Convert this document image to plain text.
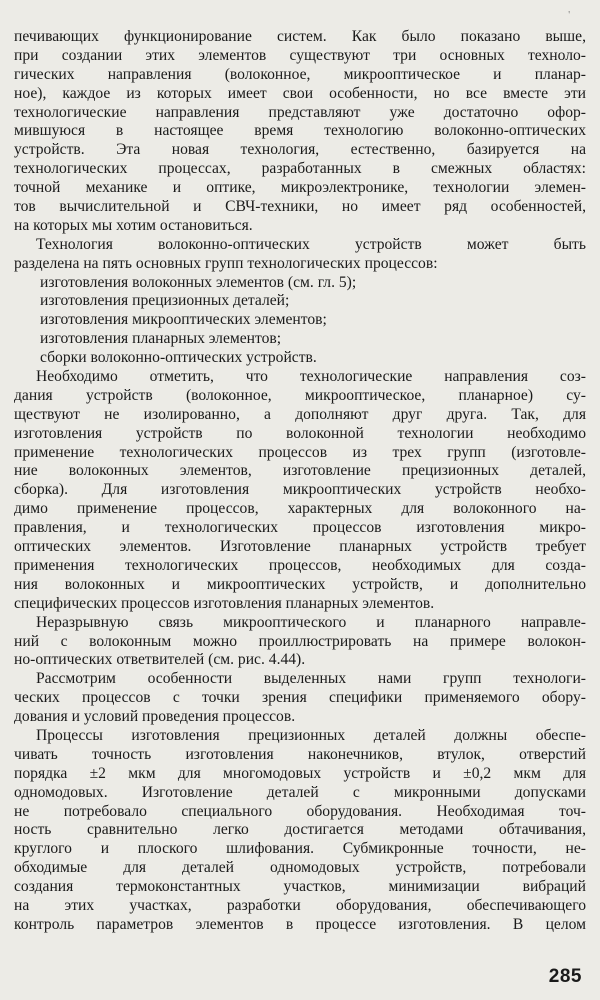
'
печивающих функционирование систем. Как было показано выше,
при создании этих элементов существуют три основных техноло-
гических направления (волоконное, микрооптическое и планар-
ное), каждое из которых имеет свои особенности, но все вместе эти
технологические направления представляют уже достаточно офор-
мившуюся в настоящее время технологию волоконно-оптических
устройств. Эта новая технология, естественно, базируется на
технологических процессах, разработанных в смежных областях:
точной механике и оптике, микроэлектронике, технологии элемен-
тов вычислительной и СВЧ-техники, но имеет ряд особенностей,
на которых мы хотим остановиться.
Технология волоконно-оптических устройств может быть
разделена на пять основных групп технологических процессов:
изготовления волоконных элементов (см. гл. 5);
изготовления прецизионных деталей;
изготовления микрооптических элементов;
изготовления планарных элементов;
сборки волоконно-оптических устройств.
Необходимо отметить, что технологические направления соз-
дания устройств (волоконное, микрооптическое, планарное) су-
ществуют не изолированно, а дополняют друг друга. Так, для
изготовления устройств по волоконной технологии необходимо
применение технологических процессов из трех групп (изготовле-
ние волоконных элементов, изготовление прецизионных деталей,
сборка). Для изготовления микрооптических устройств необхо-
димо применение процессов, характерных для волоконного на-
правления, и технологических процессов изготовления микро-
оптических элементов. Изготовление планарных устройств требует
применения технологических процессов, необходимых для созда-
ния волоконных и микрооптических устройств, и дополнительно
специфических процессов изготовления планарных элементов.
Неразрывную связь микрооптического и планарного направле-
ний с волоконным можно проиллюстрировать на примере волокон-
но-оптических ответвителей (см. рис. 4.44).
Рассмотрим особенности выделенных нами групп технологи-
ческих процессов с точки зрения специфики применяемого обору-
дования и условий проведения процессов.
Процессы изготовления прецизионных деталей должны обеспе-
чивать точность изготовления наконечников, втулок, отверстий
порядка ±2 мкм для многомодовых устройств и ±0,2 мкм для
одномодовых. Изготовление деталей с микронными допусками
не потребовало специального оборудования. Необходимая точ-
ность сравнительно легко достигается методами обтачивания,
круглого и плоского шлифования. Субмикронные точности, не-
обходимые для деталей одномодовых устройств, потребовали
создания термоконстантных участков, минимизации вибраций
на этих участках, разработки оборудования, обеспечивающего
контроль параметров элементов в процессе изготовления. В целом
285
